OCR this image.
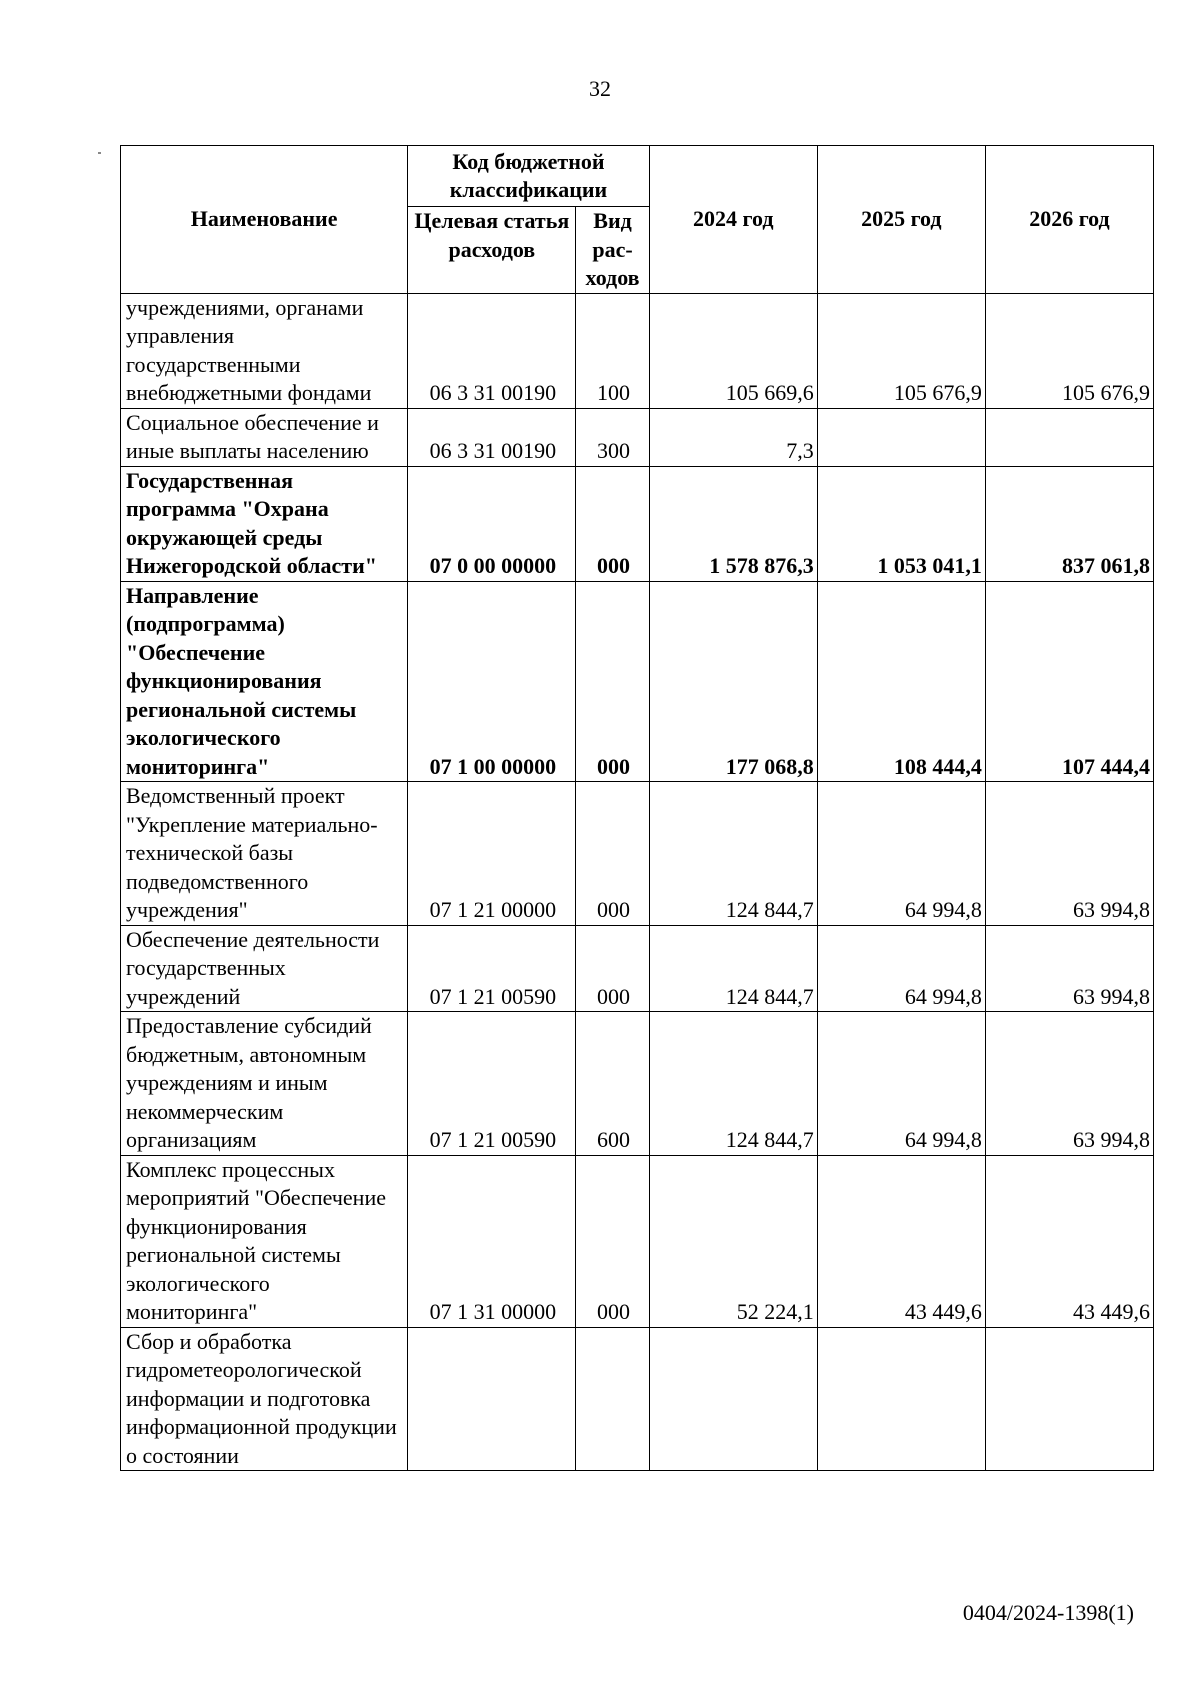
32
Наименование	Код бюджетной классификации		2024 год	2025 год	2026 год
	Целевая статья расходов	Вид рас-ходов			
учреждениями, органами управления государственными внебюджетными фондами	06 3 31 00190	100	105 669,6	105 676,9	105 676,9
Социальное обеспечение и иные выплаты населению	06 3 31 00190	300	7,3		
Государственная программа "Охрана окружающей среды Нижегородской области"	07 0 00 00000	000	1 578 876,3	1 053 041,1	837 061,8
Направление (подпрограмма) "Обеспечение функционирования региональной системы экологического мониторинга"	07 1 00 00000	000	177 068,8	108 444,4	107 444,4
Ведомственный проект "Укрепление материально-технической базы подведомственного учреждения"	07 1 21 00000	000	124 844,7	64 994,8	63 994,8
Обеспечение деятельности государственных учреждений	07 1 21 00590	000	124 844,7	64 994,8	63 994,8
Предоставление субсидий бюджетным, автономным учреждениям и иным некоммерческим организациям	07 1 21 00590	600	124 844,7	64 994,8	63 994,8
Комплекс процессных мероприятий "Обеспечение функционирования региональной системы экологического мониторинга"	07 1 31 00000	000	52 224,1	43 449,6	43 449,6
Сбор и обработка гидрометеорологической информации и подготовка информационной продукции о состоянии					
0404/2024-1398(1)
